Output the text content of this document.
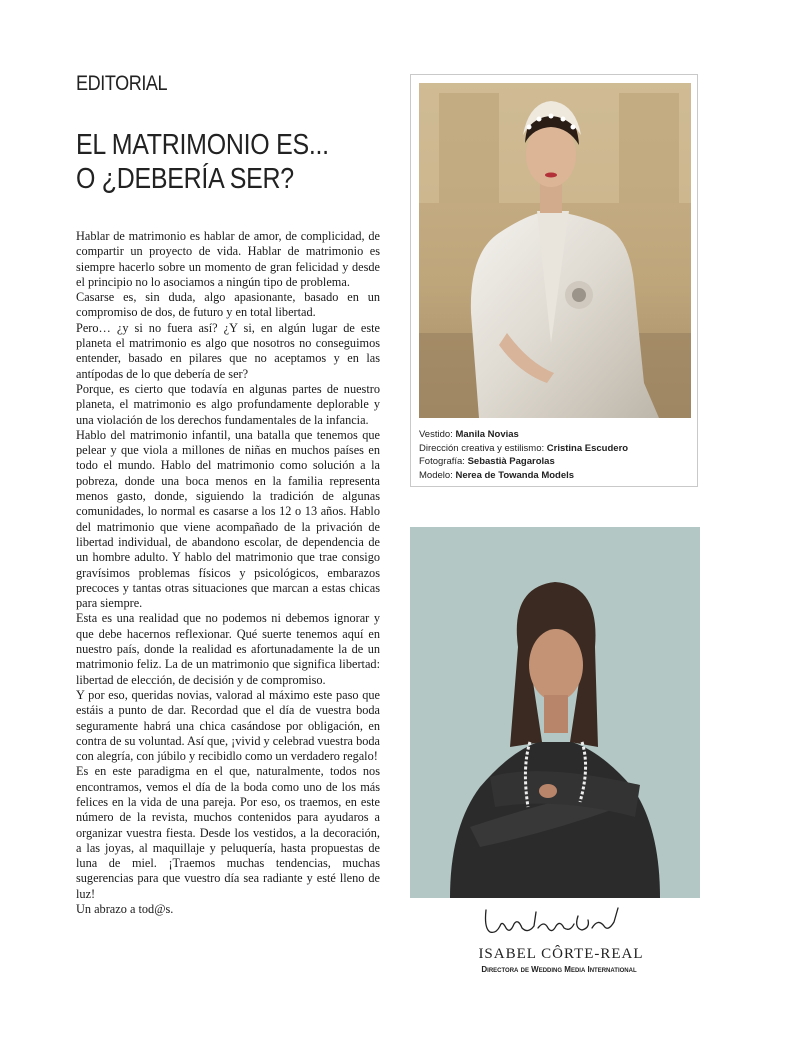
EDITORIAL
EL MATRIMONIO ES...
O ¿DEBERÍA SER?

Hablar de matrimonio es hablar de amor, de complicidad, de compartir un proyecto de vida. Hablar de matrimonio es siempre hacerlo sobre un momento de gran felicidad y desde el principio no lo asociamos a ningún tipo de problema.

Casarse es, sin duda, algo apasionante, basado en un compromiso de dos, de futuro y en total libertad.

Pero… ¿y si no fuera así? ¿Y si, en algún lugar de este planeta el matrimonio es algo que nosotros no conseguimos entender, basado en pilares que no aceptamos y en las antípodas de lo que debería de ser?

Porque, es cierto que todavía en algunas partes de nuestro planeta, el matrimonio es algo profundamente deplorable y una violación de los derechos fundamentales de la infancia.

Hablo del matrimonio infantil, una batalla que tenemos que pelear y que viola a millones de niñas en muchos países en todo el mundo. Hablo del matrimonio como solución a la pobreza, donde una boca menos en la familia representa menos gasto, donde, siguiendo la tradición de algunas comunidades, lo normal es casarse a los 12 o 13 años. Hablo del matrimonio que viene acompañado de la privación de libertad individual, de abandono escolar, de dependencia de un hombre adulto. Y hablo del matrimonio que trae consigo gravísimos problemas físicos y psicológicos, embarazos precoces y tantas otras situaciones que marcan a estas chicas para siempre.

Esta es una realidad que no podemos ni debemos ignorar y que debe hacernos reflexionar. Qué suerte tenemos aquí en nuestro país, donde la realidad es afortunadamente la de un matrimonio feliz. La de un matrimonio que significa libertad: libertad de elección, de decisión y de compromiso.

Y por eso, queridas novias, valorad al máximo este paso que estáis a punto de dar. Recordad que el día de vuestra boda seguramente habrá una chica casándose por obligación, en contra de su voluntad. Así que, ¡vivid y celebrad vuestra boda con alegría, con júbilo y recibidlo como un verdadero regalo!

Es en este paradigma en el que, naturalmente, todos nos encontramos, vemos el día de la boda como uno de los más felices en la vida de una pareja. Por eso, os traemos, en este número de la revista, muchos contenidos para ayudaros a organizar vuestra fiesta. Desde los vestidos, a la decoración, a las joyas, al maquillaje y peluquería, hasta propuestas de luna de miel. ¡Traemos muchas tendencias, muchas sugerencias para que vuestro día sea radiante y esté lleno de luz!

Un abrazo a tod@s.

Vestido: Manila Novias
Dirección creativa y estilismo: Cristina Escudero
Fotografía: Sebastià Pagarolas
Modelo: Nerea de Towanda Models
ISABEL CÔRTE-REAL
Directora de Wedding Media International
